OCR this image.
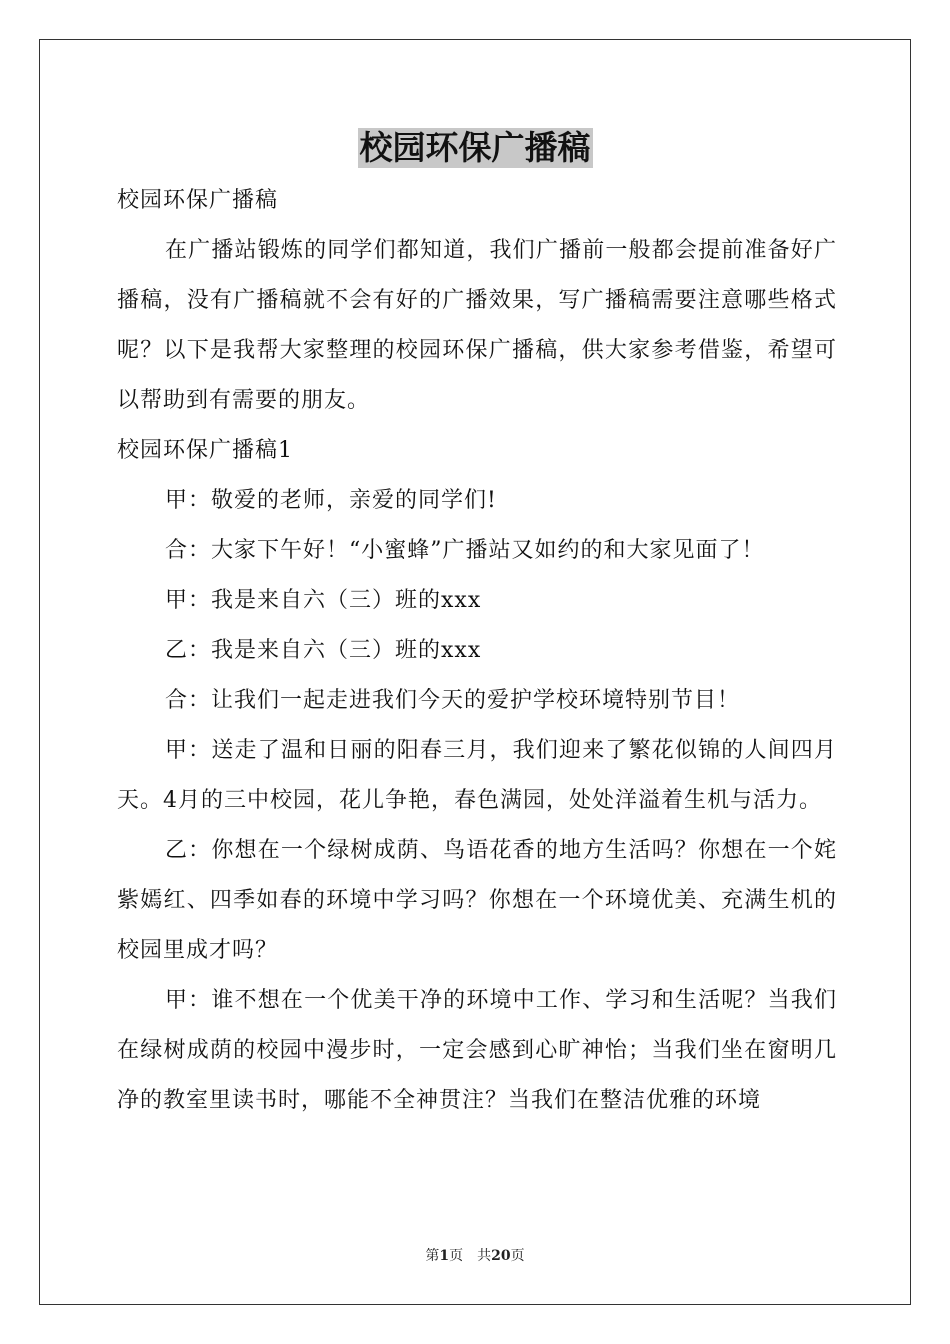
校园环保广播稿

校园环保广播稿

在广播站锻炼的同学们都知道，我们广播前一般都会提前准备好广播稿，没有广播稿就不会有好的广播效果，写广播稿需要注意哪些格式呢？以下是我帮大家整理的校园环保广播稿，供大家参考借鉴，希望可以帮助到有需要的朋友。

校园环保广播稿1

甲：敬爱的老师，亲爱的同学们!

合：大家下午好！“小蜜蜂”广播站又如约的和大家见面了！

甲：我是来自六（三）班的xxx

乙：我是来自六（三）班的xxx

合：让我们一起走进我们今天的爱护学校环境特别节目！

甲：送走了温和日丽的阳春三月，我们迎来了繁花似锦的人间四月天。4月的三中校园，花儿争艳，春色满园，处处洋溢着生机与活力。

乙：你想在一个绿树成荫、鸟语花香的地方生活吗？你想在一个姹紫嫣红、四季如春的环境中学习吗？你想在一个环境优美、充满生机的校园里成才吗？

甲：谁不想在一个优美干净的环境中工作、学习和生活呢？当我们在绿树成荫的校园中漫步时，一定会感到心旷神怡；当我们坐在窗明几净的教室里读书时，哪能不全神贯注？当我们在整洁优雅的环境

第1页 共20页
